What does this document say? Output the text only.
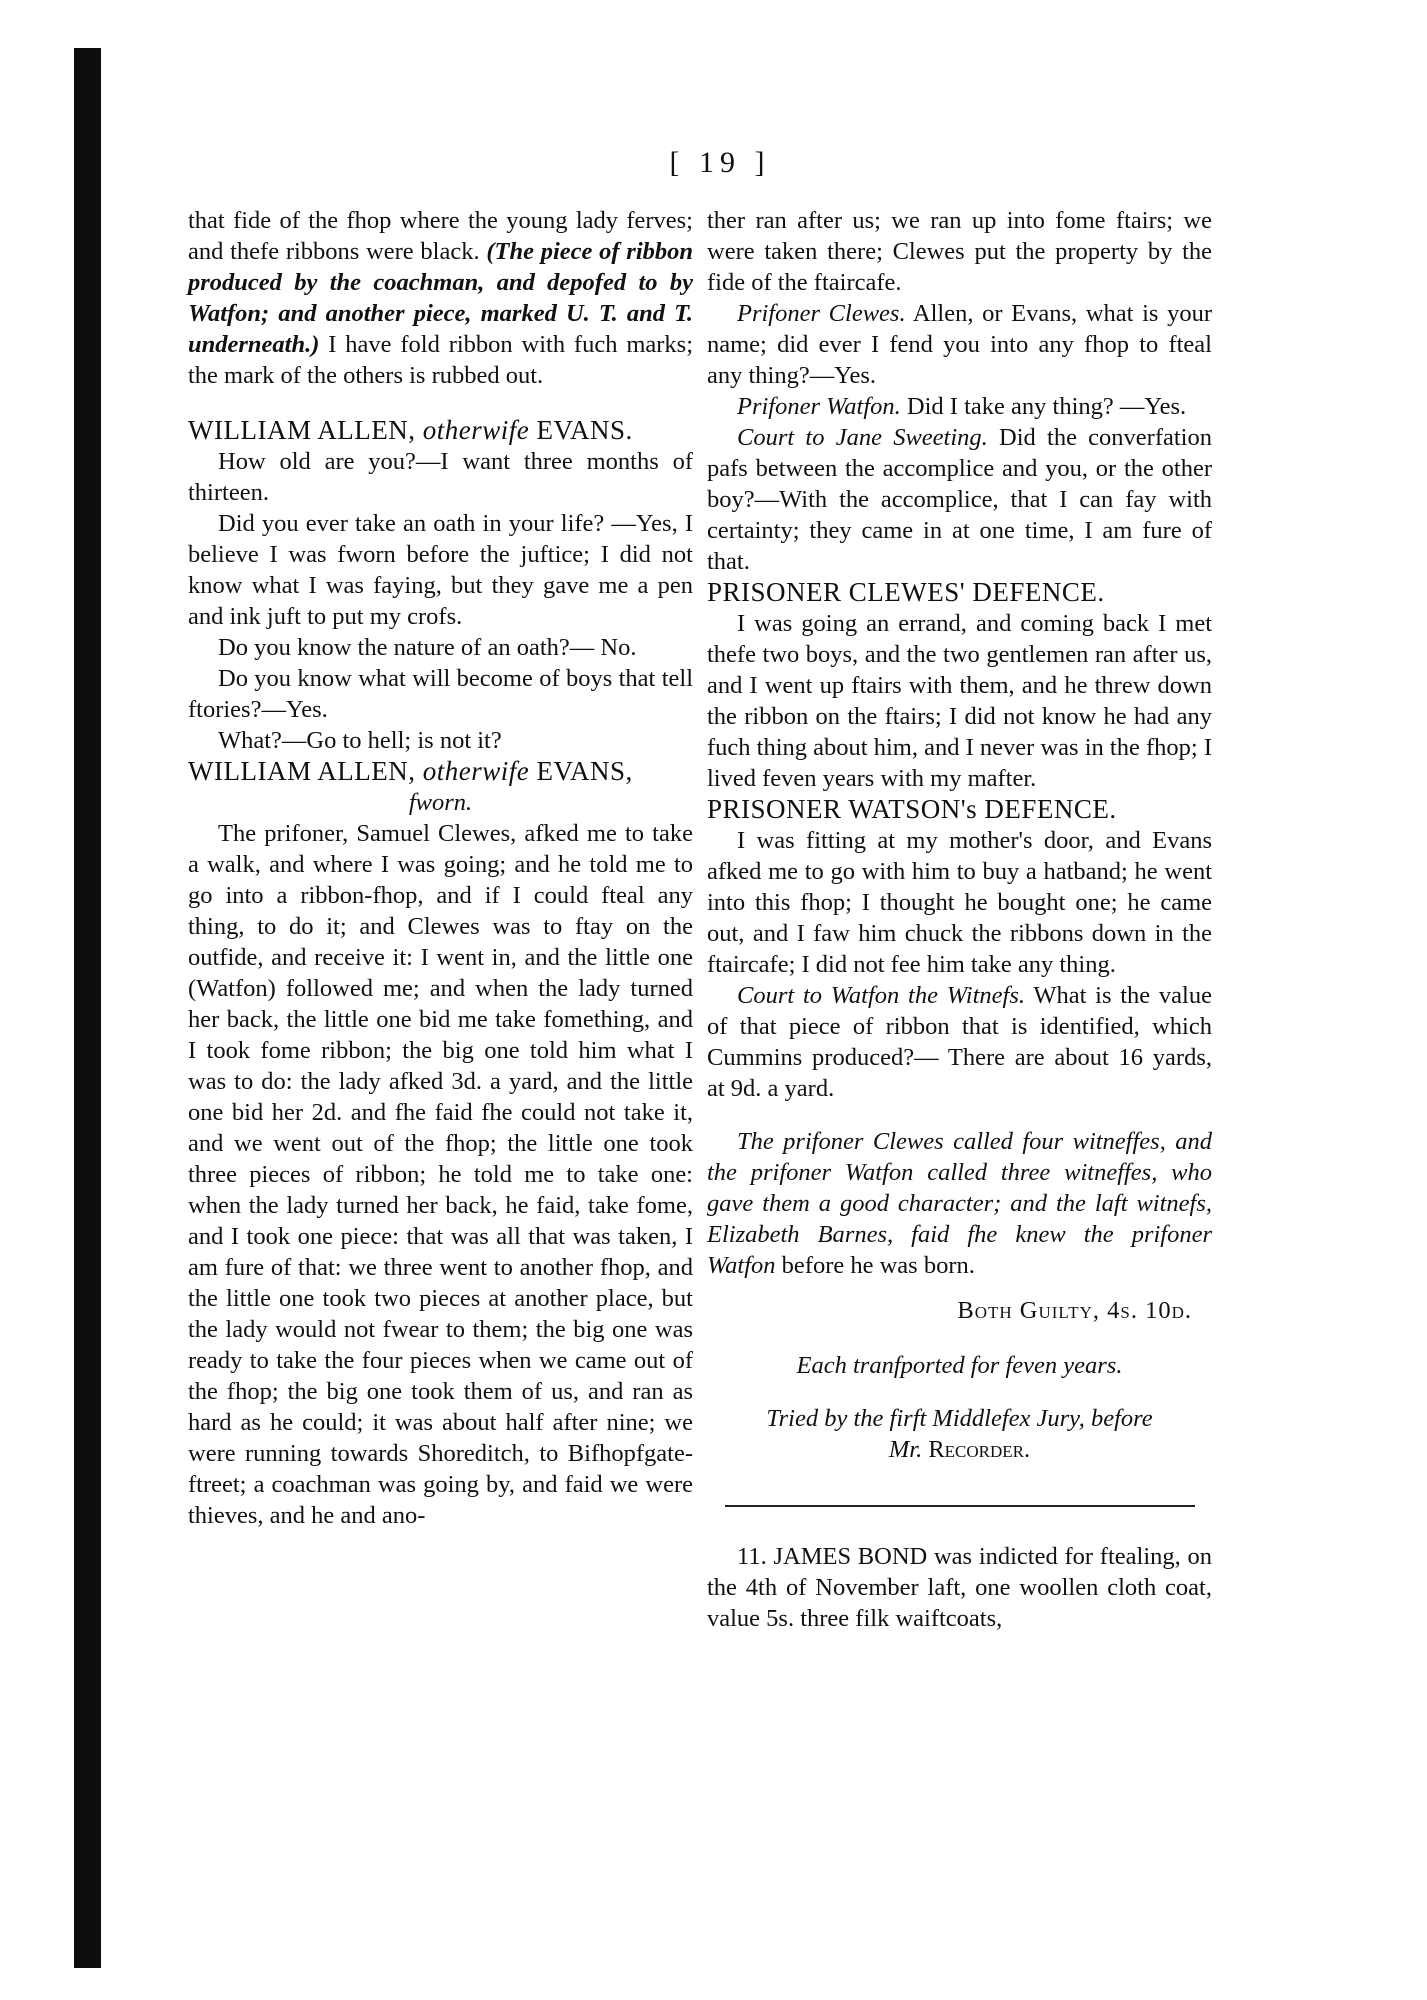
[ 19 ]

that fide of the fhop where the young lady ferves; and thefe ribbons were black. (The piece of ribbon produced by the coachman, and depofed to by Watfon; and another piece, marked U. T. and T. underneath.) I have fold ribbon with fuch marks; the mark of the others is rubbed out.

WILLIAM ALLEN, otherwife EVANS.

How old are you?—I want three months of thirteen.

Did you ever take an oath in your life? —Yes, I believe I was fworn before the juftice; I did not know what I was faying, but they gave me a pen and ink juft to put my crofs.

Do you know the nature of an oath?— No.

Do you know what will become of boys that tell ftories?—Yes.

What?—Go to hell; is not it?

WILLIAM ALLEN, otherwife EVANS,

fworn.

The prifoner, Samuel Clewes, afked me to take a walk, and where I was going; and he told me to go into a ribbon-fhop, and if I could fteal any thing, to do it; and Clewes was to ftay on the outfide, and receive it: I went in, and the little one (Watfon) followed me; and when the lady turned her back, the little one bid me take fomething, and I took fome ribbon; the big one told him what I was to do: the lady afked 3d. a yard, and the little one bid her 2d. and fhe faid fhe could not take it, and we went out of the fhop; the little one took three pieces of ribbon; he told me to take one: when the lady turned her back, he faid, take fome, and I took one piece: that was all that was taken, I am fure of that: we three went to another fhop, and the little one took two pieces at another place, but the lady would not fwear to them; the big one was ready to take the four pieces when we came out of the fhop; the big one took them of us, and ran as hard as he could; it was about half after nine; we were running towards Shoreditch, to Bifhopfgate-ftreet; a coachman was going by, and faid we were thieves, and he and ano-

ther ran after us; we ran up into fome ftairs; we were taken there; Clewes put the property by the fide of the ftaircafe.

Prifoner Clewes. Allen, or Evans, what is your name; did ever I fend you into any fhop to fteal any thing?—Yes.

Prifoner Watfon. Did I take any thing? —Yes.

Court to Jane Sweeting. Did the converfation pafs between the accomplice and you, or the other boy?—With the accomplice, that I can fay with certainty; they came in at one time, I am fure of that.

PRISONER CLEWES' DEFENCE.

I was going an errand, and coming back I met thefe two boys, and the two gentlemen ran after us, and I went up ftairs with them, and he threw down the ribbon on the ftairs; I did not know he had any fuch thing about him, and I never was in the fhop; I lived feven years with my mafter.

PRISONER WATSON's DEFENCE.

I was fitting at my mother's door, and Evans afked me to go with him to buy a hatband; he went into this fhop; I thought he bought one; he came out, and I faw him chuck the ribbons down in the ftaircafe; I did not fee him take any thing.

Court to Watfon the Witnefs. What is the value of that piece of ribbon that is identified, which Cummins produced?— There are about 16 yards, at 9d. a yard.

The prifoner Clewes called four witneffes, and the prifoner Watfon called three witneffes, who gave them a good character; and the laft witnefs, Elizabeth Barnes, faid fhe knew the prifoner Watfon before he was born.

Both Guilty, 4s. 10d.

Each tranfported for feven years.

Tried by the firft Middlefex Jury, before
Mr. Recorder.

11. JAMES BOND was indicted for ftealing, on the 4th of November laft, one woollen cloth coat, value 5s. three filk waiftcoats,
